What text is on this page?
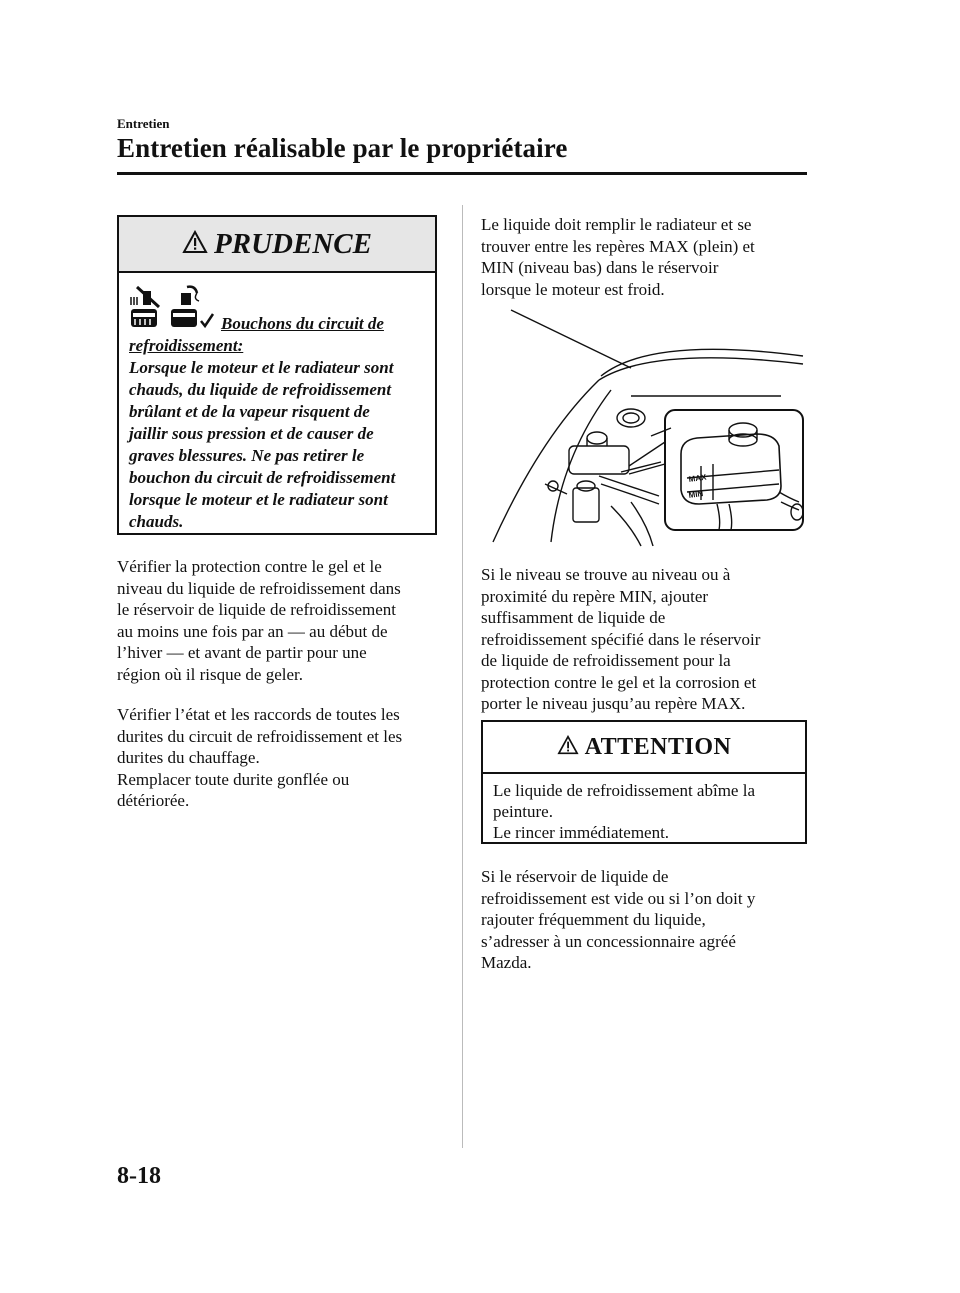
Entretien
Entretien réalisable par le propriétaire
PRUDENCE
Bouchons du circuit de refroidissement:
Lorsque le moteur et le radiateur sont
chauds, du liquide de refroidissement
brûlant et de la vapeur risquent de
jaillir sous pression et de causer de
graves blessures. Ne pas retirer le
bouchon du circuit de refroidissement
lorsque le moteur et le radiateur sont
chauds.
Vérifier la protection contre le gel et le
niveau du liquide de refroidissement dans
le réservoir de liquide de refroidissement
au moins une fois par an — au début de
l’hiver — et avant de partir pour une
région où il risque de geler.
Vérifier l’état et les raccords de toutes les
durites du circuit de refroidissement et les
durites du chauffage.
Remplacer toute durite gonflée ou
détériorée.
Le liquide doit remplir le radiateur et se
trouver entre les repères MAX (plein) et
MIN (niveau bas) dans le réservoir
lorsque le moteur est froid.
MAX
MIN
Si le niveau se trouve au niveau ou à
proximité du repère MIN, ajouter
suffisamment de liquide de
refroidissement spécifié dans le réservoir
de liquide de refroidissement pour la
protection contre le gel et la corrosion et
porter le niveau jusqu’au repère MAX.
ATTENTION
Le liquide de refroidissement abîme la
peinture.
Le rincer immédiatement.
Si le réservoir de liquide de
refroidissement est vide ou si l’on doit y
rajouter fréquemment du liquide,
s’adresser à un concessionnaire agréé
Mazda.
8-18
